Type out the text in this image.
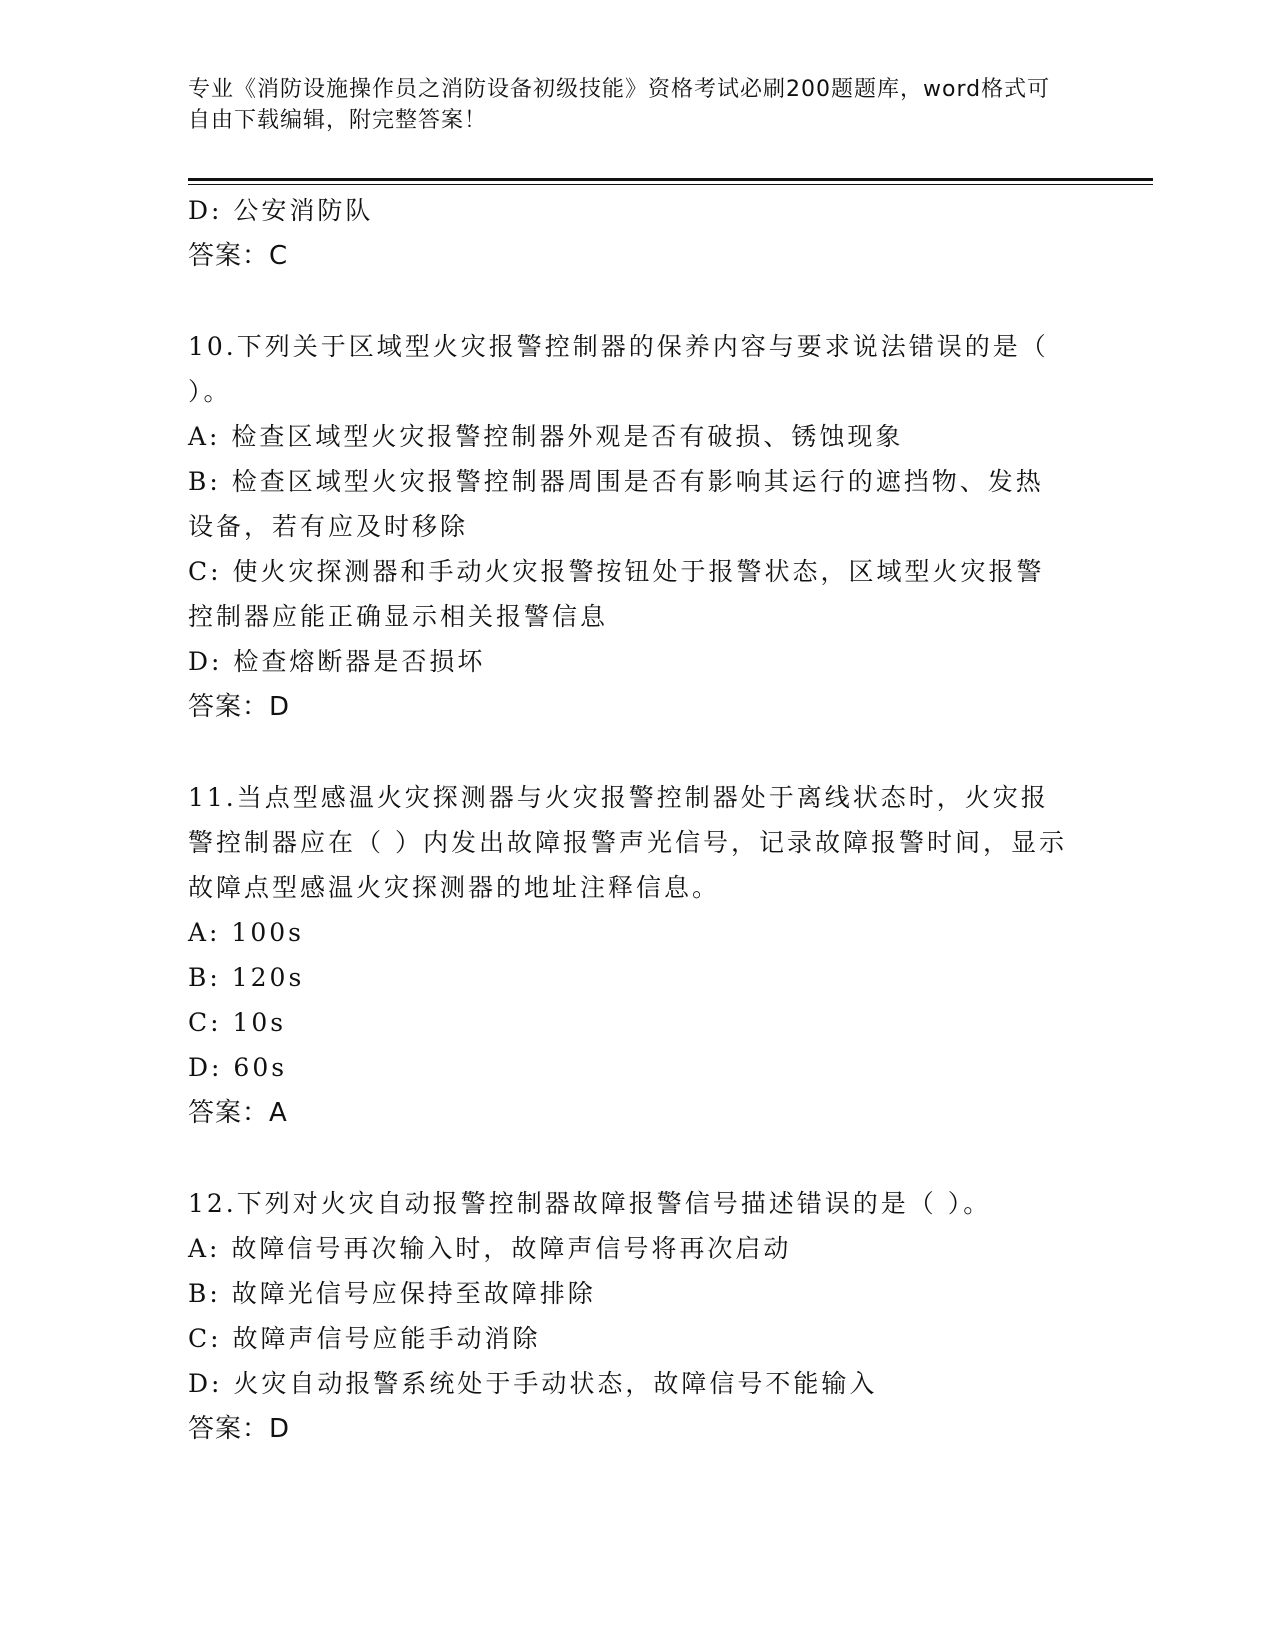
专业《消防设施操作员之消防设备初级技能》资格考试必刷200题题库，word格式可自由下载编辑，附完整答案！
D: 公安消防队
答案：C
10.下列关于区域型火灾报警控制器的保养内容与要求说法错误的是（ ）。
A: 检查区域型火灾报警控制器外观是否有破损、锈蚀现象
B: 检查区域型火灾报警控制器周围是否有影响其运行的遮挡物、发热设备，若有应及时移除
C: 使火灾探测器和手动火灾报警按钮处于报警状态，区域型火灾报警控制器应能正确显示相关报警信息
D: 检查熔断器是否损坏
答案：D
11.当点型感温火灾探测器与火灾报警控制器处于离线状态时，火灾报警控制器应在（ ）内发出故障报警声光信号，记录故障报警时间，显示故障点型感温火灾探测器的地址注释信息。
A: 100s
B: 120s
C: 10s
D: 60s
答案：A
12.下列对火灾自动报警控制器故障报警信号描述错误的是（ ）。
A: 故障信号再次输入时，故障声信号将再次启动
B: 故障光信号应保持至故障排除
C: 故障声信号应能手动消除
D: 火灾自动报警系统处于手动状态，故障信号不能输入
答案：D
